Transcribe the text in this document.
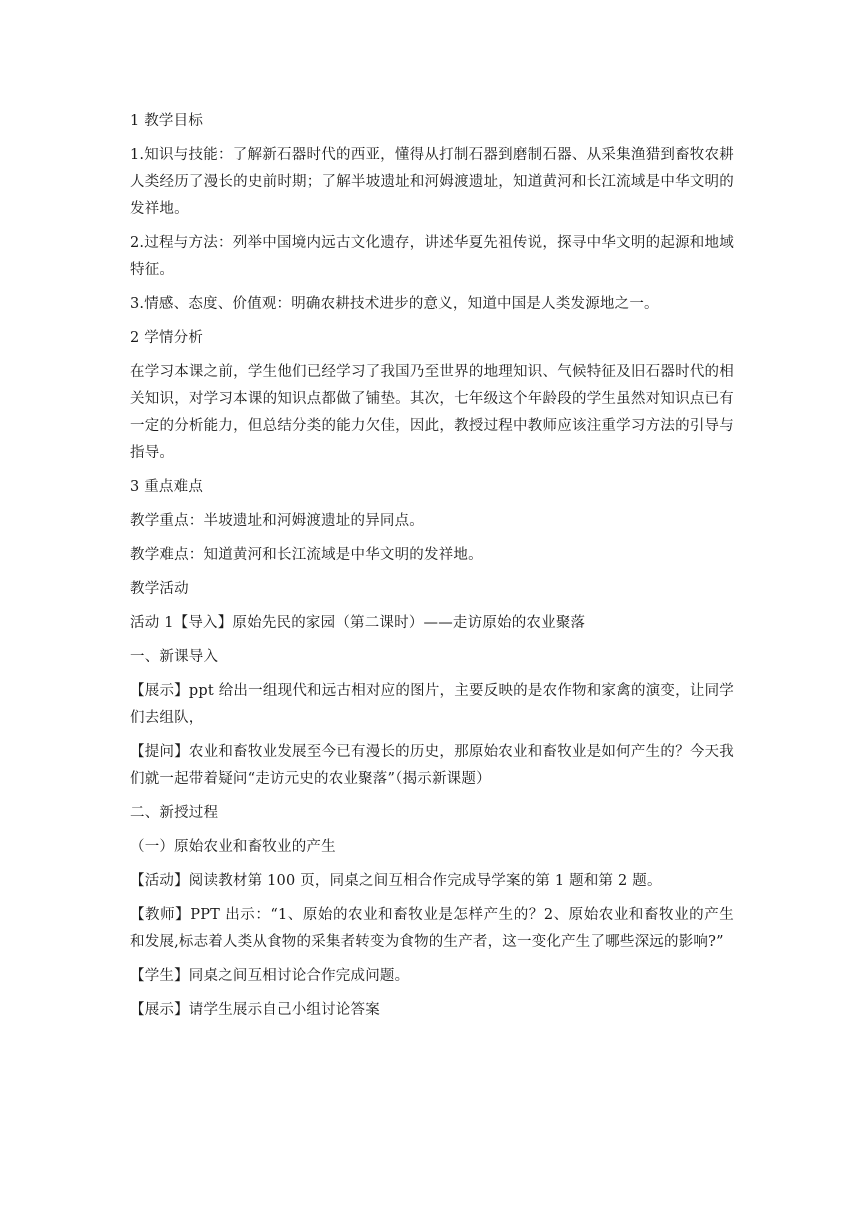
1 教学目标

1.知识与技能：了解新石器时代的西亚，懂得从打制石器到磨制石器、从采集渔猎到畜牧农耕人类经历了漫长的史前时期；了解半坡遗址和河姆渡遗址，知道黄河和长江流域是中华文明的发祥地。

2.过程与方法：列举中国境内远古文化遗存，讲述华夏先祖传说，探寻中华文明的起源和地域特征。

3.情感、态度、价值观：明确农耕技术进步的意义，知道中国是人类发源地之一。

2 学情分析

在学习本课之前，学生他们已经学习了我国乃至世界的地理知识、气候特征及旧石器时代的相关知识，对学习本课的知识点都做了铺垫。其次，七年级这个年龄段的学生虽然对知识点已有一定的分析能力，但总结分类的能力欠佳，因此，教授过程中教师应该注重学习方法的引导与指导。

3 重点难点

教学重点：半坡遗址和河姆渡遗址的异同点。

教学难点：知道黄河和长江流域是中华文明的发祥地。

教学活动

活动 1【导入】原始先民的家园（第二课时）——走访原始的农业聚落

一、新课导入

【展示】ppt 给出一组现代和远古相对应的图片，主要反映的是农作物和家禽的演变，让同学们去组队，

【提问】农业和畜牧业发展至今已有漫长的历史，那原始农业和畜牧业是如何产生的？今天我们就一起带着疑问“走访元史的农业聚落”（揭示新课题）

二、新授过程

（一）原始农业和畜牧业的产生

【活动】阅读教材第 100 页，同桌之间互相合作完成导学案的第 1 题和第 2 题。

【教师】PPT 出示：“1、原始的农业和畜牧业是怎样产生的？2、原始农业和畜牧业的产生和发展,标志着人类从食物的采集者转变为食物的生产者，这一变化产生了哪些深远的影响?”

【学生】同桌之间互相讨论合作完成问题。

【展示】请学生展示自己小组讨论答案
